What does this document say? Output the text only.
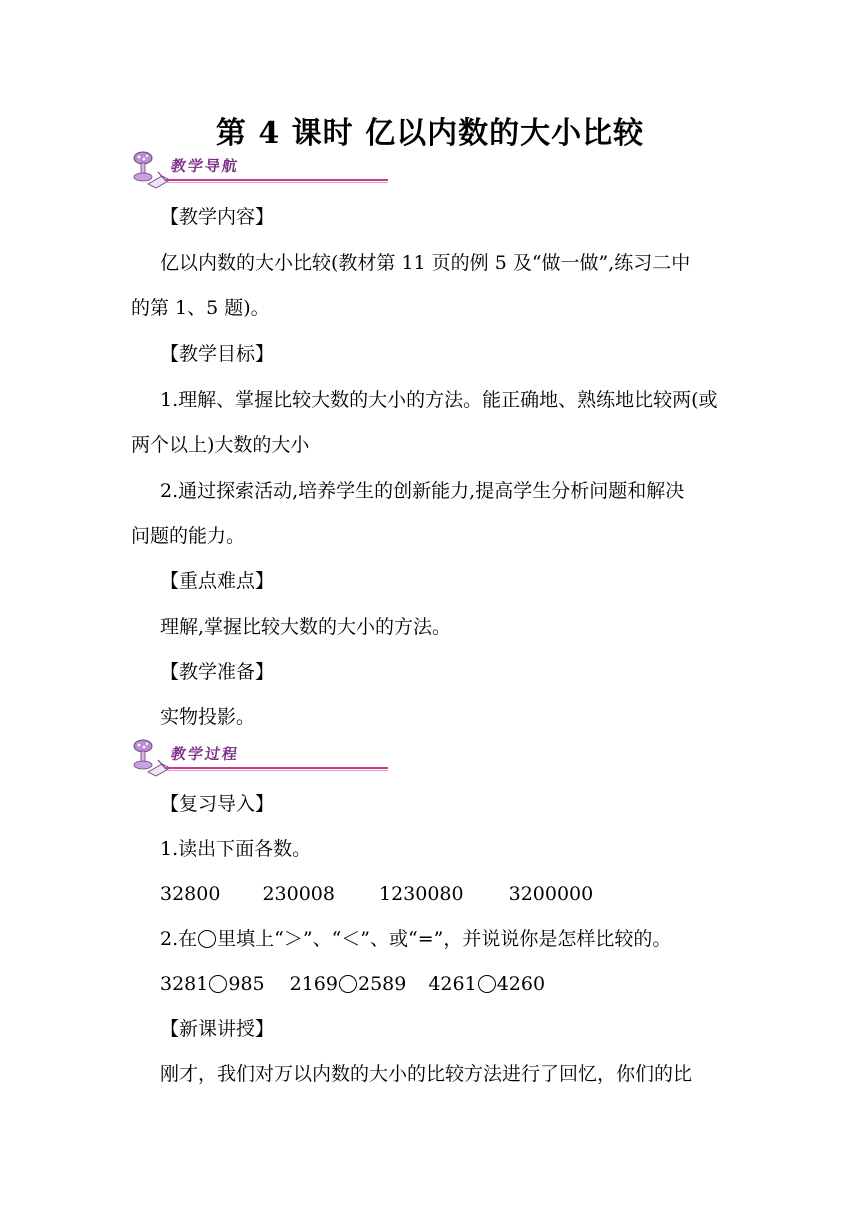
第 4 课时 亿以内数的大小比较
教学导航
【教学内容】
亿以内数的大小比较(教材第 11 页的例 5 及“做一做”,练习二中
的第 1、5 题)。
【教学目标】
1.理解、掌握比较大数的大小的方法。能正确地、熟练地比较两(或
两个以上)大数的大小
2.通过探索活动,培养学生的创新能力,提高学生分析问题和解决
问题的能力。
【重点难点】
理解,掌握比较大数的大小的方法。
【教学准备】
实物投影。
教学过程
【复习导入】
1.读出下面各数。
32800 230008 1230080 3200000
2.在 里填上“＞”、“＜”、或“=”，并说说你是怎样比较的。
3281 985 2169 2589 4261 4260
【新课讲授】
刚才，我们对万以内数的大小的比较方法进行了回忆，你们的比
